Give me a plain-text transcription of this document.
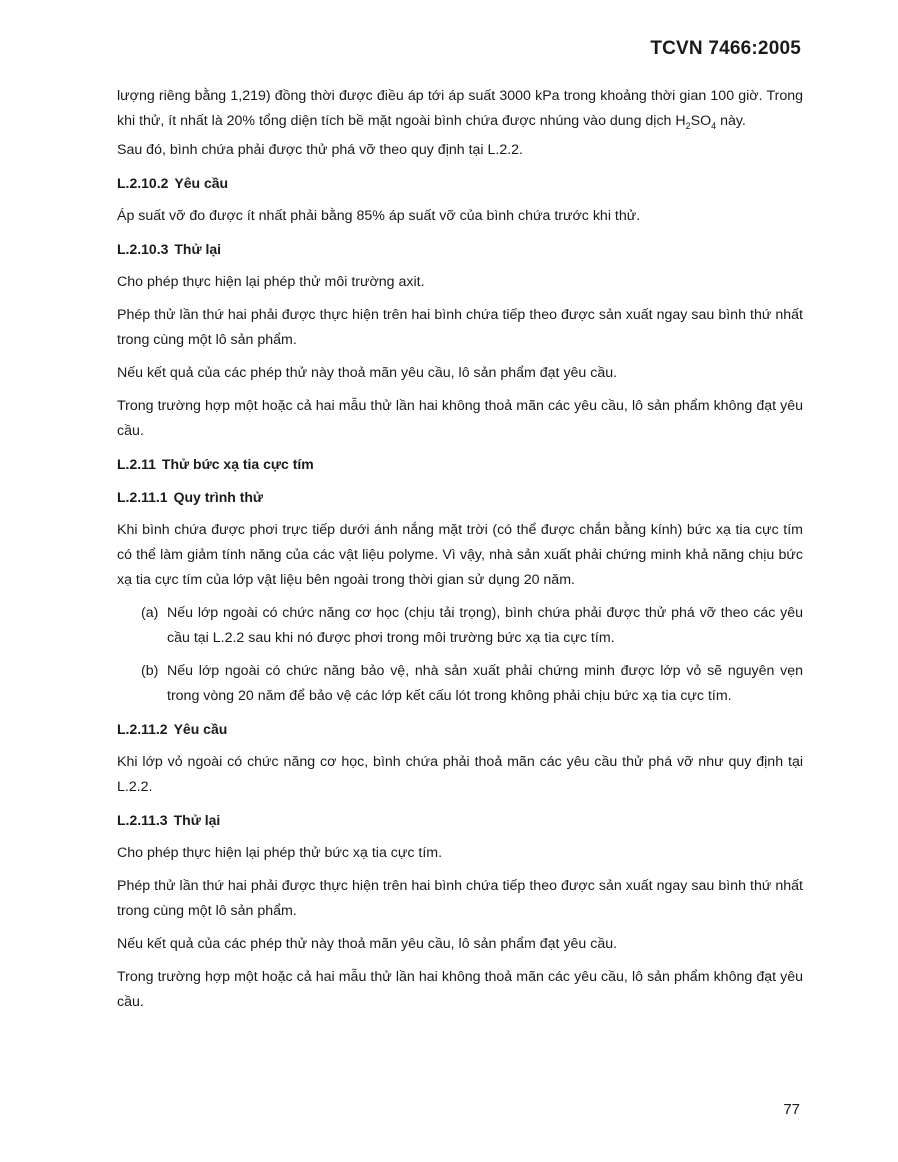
TCVN 7466:2005

lượng riêng bằng 1,219) đồng thời được điều áp tới áp suất 3000 kPa trong khoảng thời gian 100 giờ. Trong khi thử, ít nhất là 20% tổng diện tích bề mặt ngoài bình chứa được nhúng vào dung dịch $H_2SO_4$ này.

Sau đó, bình chứa phải được thử phá vỡ theo quy định tại L.2.2.

L.2.10.2 Yêu cầu

Áp suất vỡ đo được ít nhất phải bằng 85% áp suất vỡ của bình chứa trước khi thử.

L.2.10.3 Thử lại

Cho phép thực hiện lại phép thử môi trường axit.

Phép thử lần thứ hai phải được thực hiện trên hai bình chứa tiếp theo được sản xuất ngay sau bình thứ nhất trong cùng một lô sản phẩm.

Nếu kết quả của các phép thử này thoả mãn yêu cầu, lô sản phẩm đạt yêu cầu.

Trong trường hợp một hoặc cả hai mẫu thử lần hai không thoả mãn các yêu cầu, lô sản phẩm không đạt yêu cầu.

L.2.11 Thử bức xạ tia cực tím
L.2.11.1 Quy trình thử

Khi bình chứa được phơi trực tiếp dưới ánh nắng mặt trời (có thể được chắn bằng kính) bức xạ tia cực tím có thể làm giảm tính năng của các vật liệu polyme. Vì vậy, nhà sản xuất phải chứng minh khả năng chịu bức xạ tia cực tím của lớp vật liệu bên ngoài trong thời gian sử dụng 20 năm.

(a) Nếu lớp ngoài có chức năng cơ học (chịu tải trọng), bình chứa phải được thử phá vỡ theo các yêu cầu tại L.2.2 sau khi nó được phơi trong môi trường bức xạ tia cực tím.
(b) Nếu lớp ngoài có chức năng bảo vệ, nhà sản xuất phải chứng minh được lớp vỏ sẽ nguyên vẹn trong vòng 20 năm để bảo vệ các lớp kết cấu lót trong không phải chịu bức xạ tia cực tím.
L.2.11.2 Yêu cầu

Khi lớp vỏ ngoài có chức năng cơ học, bình chứa phải thoả mãn các yêu cầu thử phá vỡ như quy định tại L.2.2.

L.2.11.3 Thử lại

Cho phép thực hiện lại phép thử bức xạ tia cực tím.

Phép thử lần thứ hai phải được thực hiện trên hai bình chứa tiếp theo được sản xuất ngay sau bình thứ nhất trong cùng một lô sản phẩm.

Nếu kết quả của các phép thử này thoả mãn yêu cầu, lô sản phẩm đạt yêu cầu.

Trong trường hợp một hoặc cả hai mẫu thử lần hai không thoả mãn các yêu cầu, lô sản phẩm không đạt yêu cầu.

77
